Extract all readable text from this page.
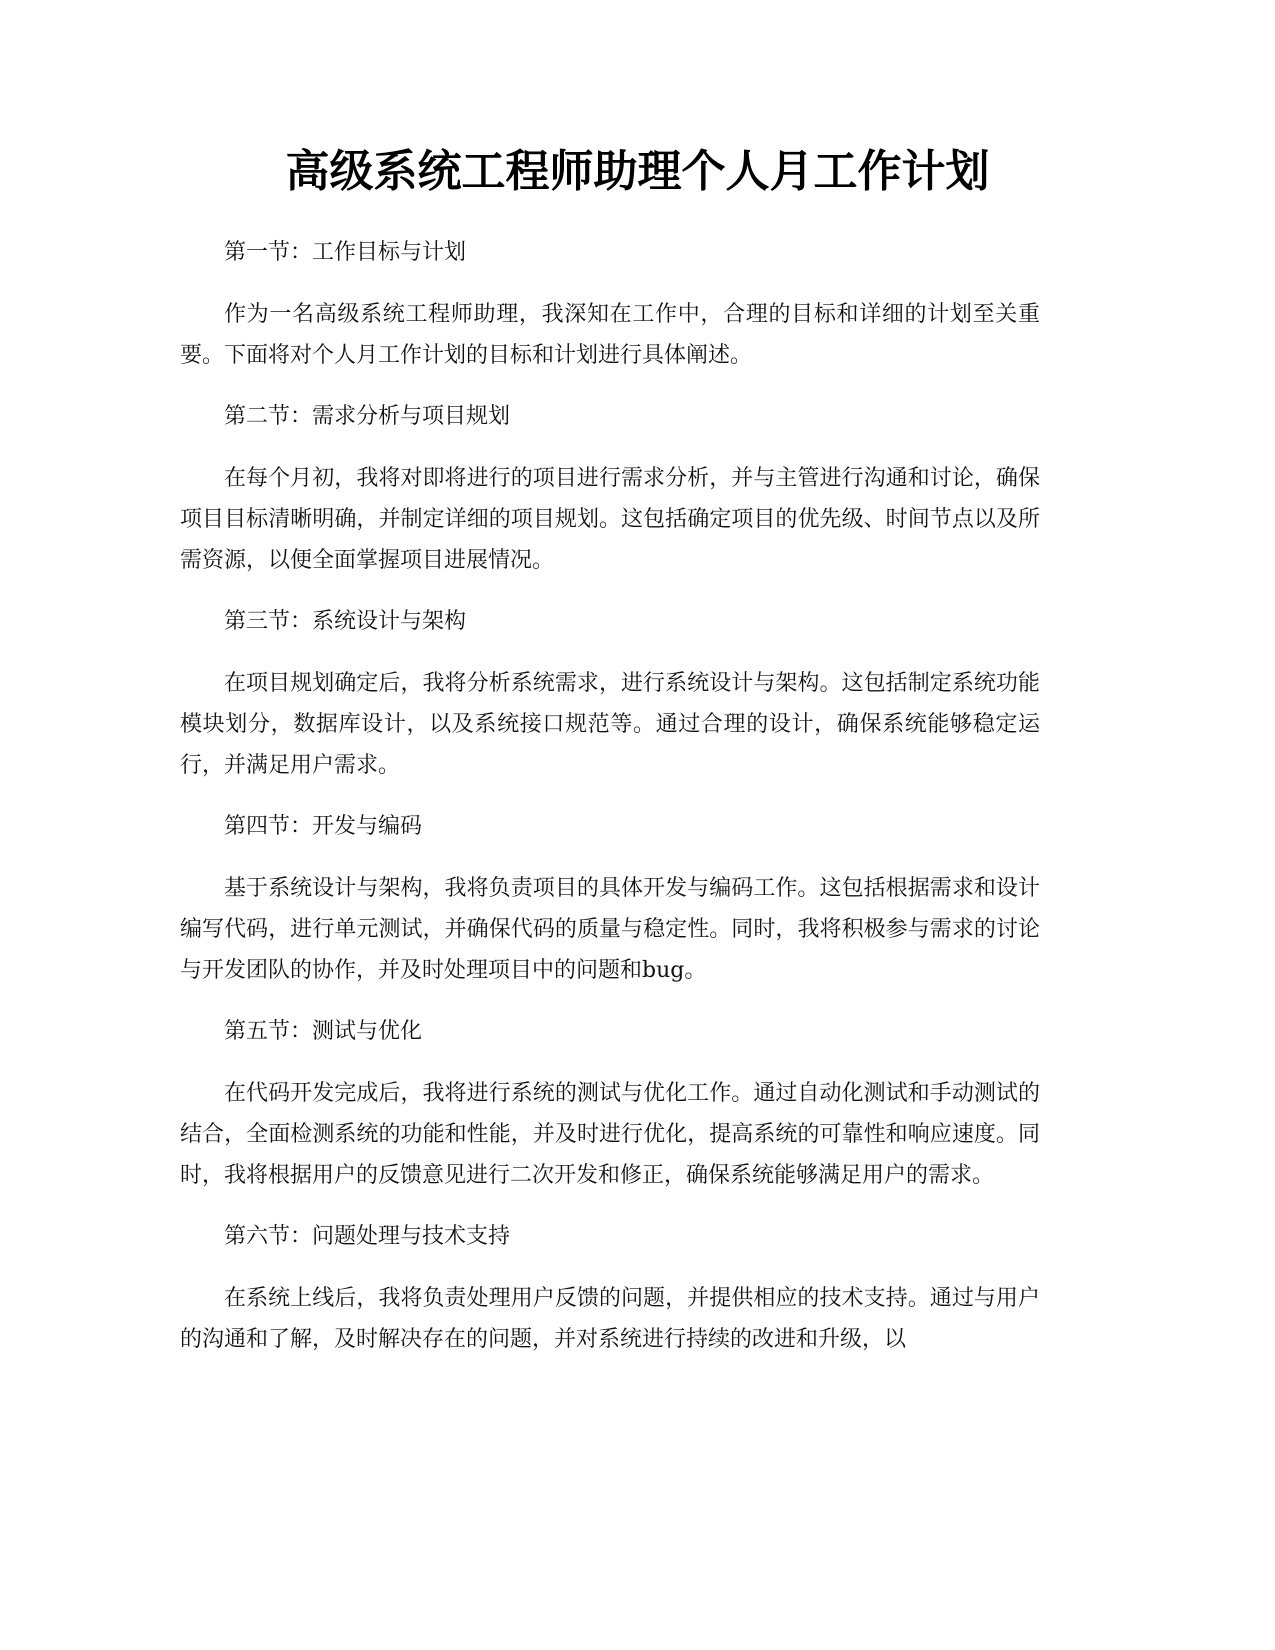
高级系统工程师助理个人月工作计划

第一节：工作目标与计划

作为一名高级系统工程师助理，我深知在工作中，合理的目标和详细的计划至关重要。下面将对个人月工作计划的目标和计划进行具体阐述。

第二节：需求分析与项目规划

在每个月初，我将对即将进行的项目进行需求分析，并与主管进行沟通和讨论，确保项目目标清晰明确，并制定详细的项目规划。这包括确定项目的优先级、时间节点以及所需资源，以便全面掌握项目进展情况。

第三节：系统设计与架构

在项目规划确定后，我将分析系统需求，进行系统设计与架构。这包括制定系统功能模块划分，数据库设计，以及系统接口规范等。通过合理的设计，确保系统能够稳定运行，并满足用户需求。

第四节：开发与编码

基于系统设计与架构，我将负责项目的具体开发与编码工作。这包括根据需求和设计编写代码，进行单元测试，并确保代码的质量与稳定性。同时，我将积极参与需求的讨论与开发团队的协作，并及时处理项目中的问题和bug。

第五节：测试与优化

在代码开发完成后，我将进行系统的测试与优化工作。通过自动化测试和手动测试的结合，全面检测系统的功能和性能，并及时进行优化，提高系统的可靠性和响应速度。同时，我将根据用户的反馈意见进行二次开发和修正，确保系统能够满足用户的需求。

第六节：问题处理与技术支持

在系统上线后，我将负责处理用户反馈的问题，并提供相应的技术支持。通过与用户的沟通和了解，及时解决存在的问题，并对系统进行持续的改进和升级，以
